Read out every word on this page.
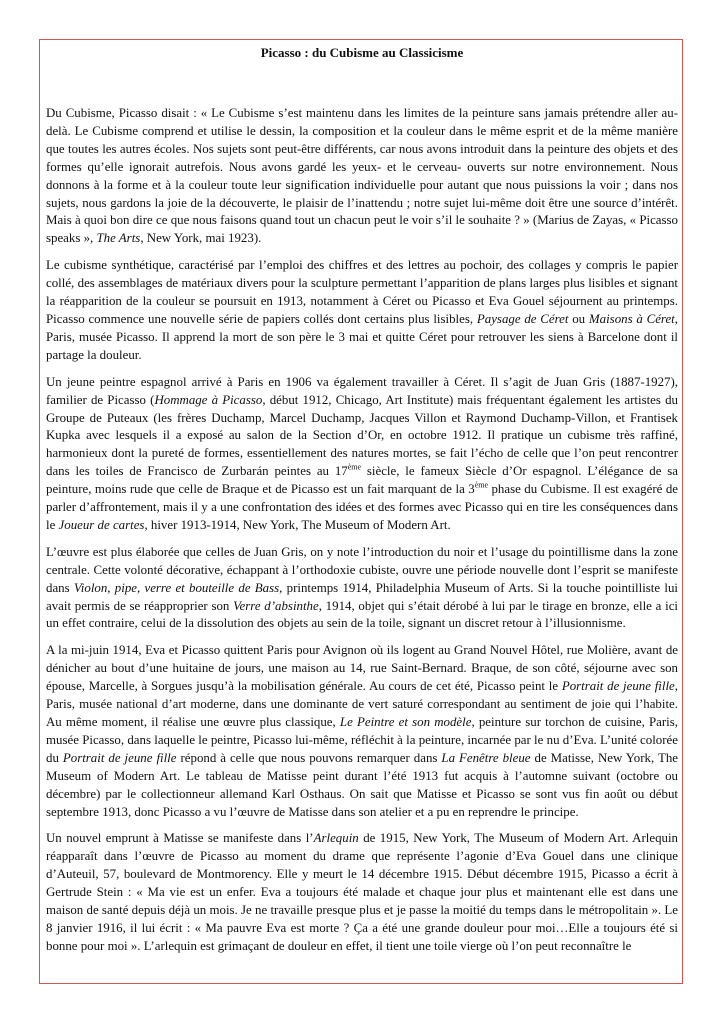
Picasso : du Cubisme au Classicisme

Du Cubisme, Picasso disait : « Le Cubisme s’est maintenu dans les limites de la peinture sans jamais prétendre aller au-delà. Le Cubisme comprend et utilise le dessin, la composition et la couleur dans le même esprit et de la même manière que toutes les autres écoles. Nos sujets sont peut-être différents, car nous avons introduit dans la peinture des objets et des formes qu’elle ignorait autrefois. Nous avons gardé les yeux- et le cerveau- ouverts sur notre environnement. Nous donnons à la forme et à la couleur toute leur signification individuelle pour autant que nous puissions la voir ; dans nos sujets, nous gardons la joie de la découverte, le plaisir de l’inattendu ; notre sujet lui-même doit être une source d’intérêt. Mais à quoi bon dire ce que nous faisons quand tout un chacun peut le voir s’il le souhaite ? » (Marius de Zayas, « Picasso speaks », The Arts, New York, mai 1923).

Le cubisme synthétique, caractérisé par l’emploi des chiffres et des lettres au pochoir, des collages y compris le papier collé, des assemblages de matériaux divers pour la sculpture permettant l’apparition de plans larges plus lisibles et signant la réapparition de la couleur se poursuit en 1913, notamment à Céret ou Picasso et Eva Gouel séjournent au printemps. Picasso commence une nouvelle série de papiers collés dont certains plus lisibles, Paysage de Céret ou Maisons à Céret, Paris, musée Picasso. Il apprend la mort de son père le 3 mai et quitte Céret pour retrouver les siens à Barcelone dont il partage la douleur.

Un jeune peintre espagnol arrivé à Paris en 1906 va également travailler à Céret. Il s’agit de Juan Gris (1887-1927), familier de Picasso (Hommage à Picasso, début 1912, Chicago, Art Institute) mais fréquentant également les artistes du Groupe de Puteaux (les frères Duchamp, Marcel Duchamp, Jacques Villon et Raymond Duchamp-Villon, et Frantisek Kupka avec lesquels il a exposé au salon de la Section d’Or, en octobre 1912. Il pratique un cubisme très raffiné, harmonieux dont la pureté de formes, essentiellement des natures mortes, se fait l’écho de celle que l’on peut rencontrer dans les toiles de Francisco de Zurbarán peintes au 17ème siècle, le fameux Siècle d’Or espagnol. L’élégance de sa peinture, moins rude que celle de Braque et de Picasso est un fait marquant de la 3ème phase du Cubisme. Il est exagéré de parler d’affrontement, mais il y a une confrontation des idées et des formes avec Picasso qui en tire les conséquences dans le Joueur de cartes, hiver 1913-1914, New York, The Museum of Modern Art.

L’œuvre est plus élaborée que celles de Juan Gris, on y note l’introduction du noir et l’usage du pointillisme dans la zone centrale. Cette volonté décorative, échappant à l’orthodoxie cubiste, ouvre une période nouvelle dont l’esprit se manifeste dans Violon, pipe, verre et bouteille de Bass, printemps 1914, Philadelphia Museum of Arts. Si la touche pointilliste lui avait permis de se réapproprier son Verre d’absinthe, 1914, objet qui s’était dérobé à lui par le tirage en bronze, elle a ici un effet contraire, celui de la dissolution des objets au sein de la toile, signant un discret retour à l’illusionnisme.

A la mi-juin 1914, Eva et Picasso quittent Paris pour Avignon où ils logent au Grand Nouvel Hôtel, rue Molière, avant de dénicher au bout d’une huitaine de jours, une maison au 14, rue Saint-Bernard. Braque, de son côté, séjourne avec son épouse, Marcelle, à Sorgues jusqu’à la mobilisation générale. Au cours de cet été, Picasso peint le Portrait de jeune fille, Paris, musée national d’art moderne, dans une dominante de vert saturé correspondant au sentiment de joie qui l’habite. Au même moment, il réalise une œuvre plus classique, Le Peintre et son modèle, peinture sur torchon de cuisine, Paris, musée Picasso, dans laquelle le peintre, Picasso lui-même, réfléchit à la peinture, incarnée par le nu d’Eva. L’unité colorée du Portrait de jeune fille répond à celle que nous pouvons remarquer dans La Fenêtre bleue de Matisse, New York, The Museum of Modern Art. Le tableau de Matisse peint durant l’été 1913 fut acquis à l’automne suivant (octobre ou décembre) par le collectionneur allemand Karl Osthaus. On sait que Matisse et Picasso se sont vus fin août ou début septembre 1913, donc Picasso a vu l’œuvre de Matisse dans son atelier et a pu en reprendre le principe.

Un nouvel emprunt à Matisse se manifeste dans l’Arlequin de 1915, New York, The Museum of Modern Art. Arlequin réapparaît dans l’œuvre de Picasso au moment du drame que représente l’agonie d’Eva Gouel dans une clinique d’Auteuil, 57, boulevard de Montmorency. Elle y meurt le 14 décembre 1915. Début décembre 1915, Picasso a écrit à Gertrude Stein : « Ma vie est un enfer. Eva a toujours été malade et chaque jour plus et maintenant elle est dans une maison de santé depuis déjà un mois. Je ne travaille presque plus et je passe la moitié du temps dans le métropolitain ». Le 8 janvier 1916, il lui écrit : « Ma pauvre Eva est morte ? Ça a été une grande douleur pour moi…Elle a toujours été si bonne pour moi ». L’arlequin est grimaçant de douleur en effet, il tient une toile vierge où l’on peut reconnaître le
